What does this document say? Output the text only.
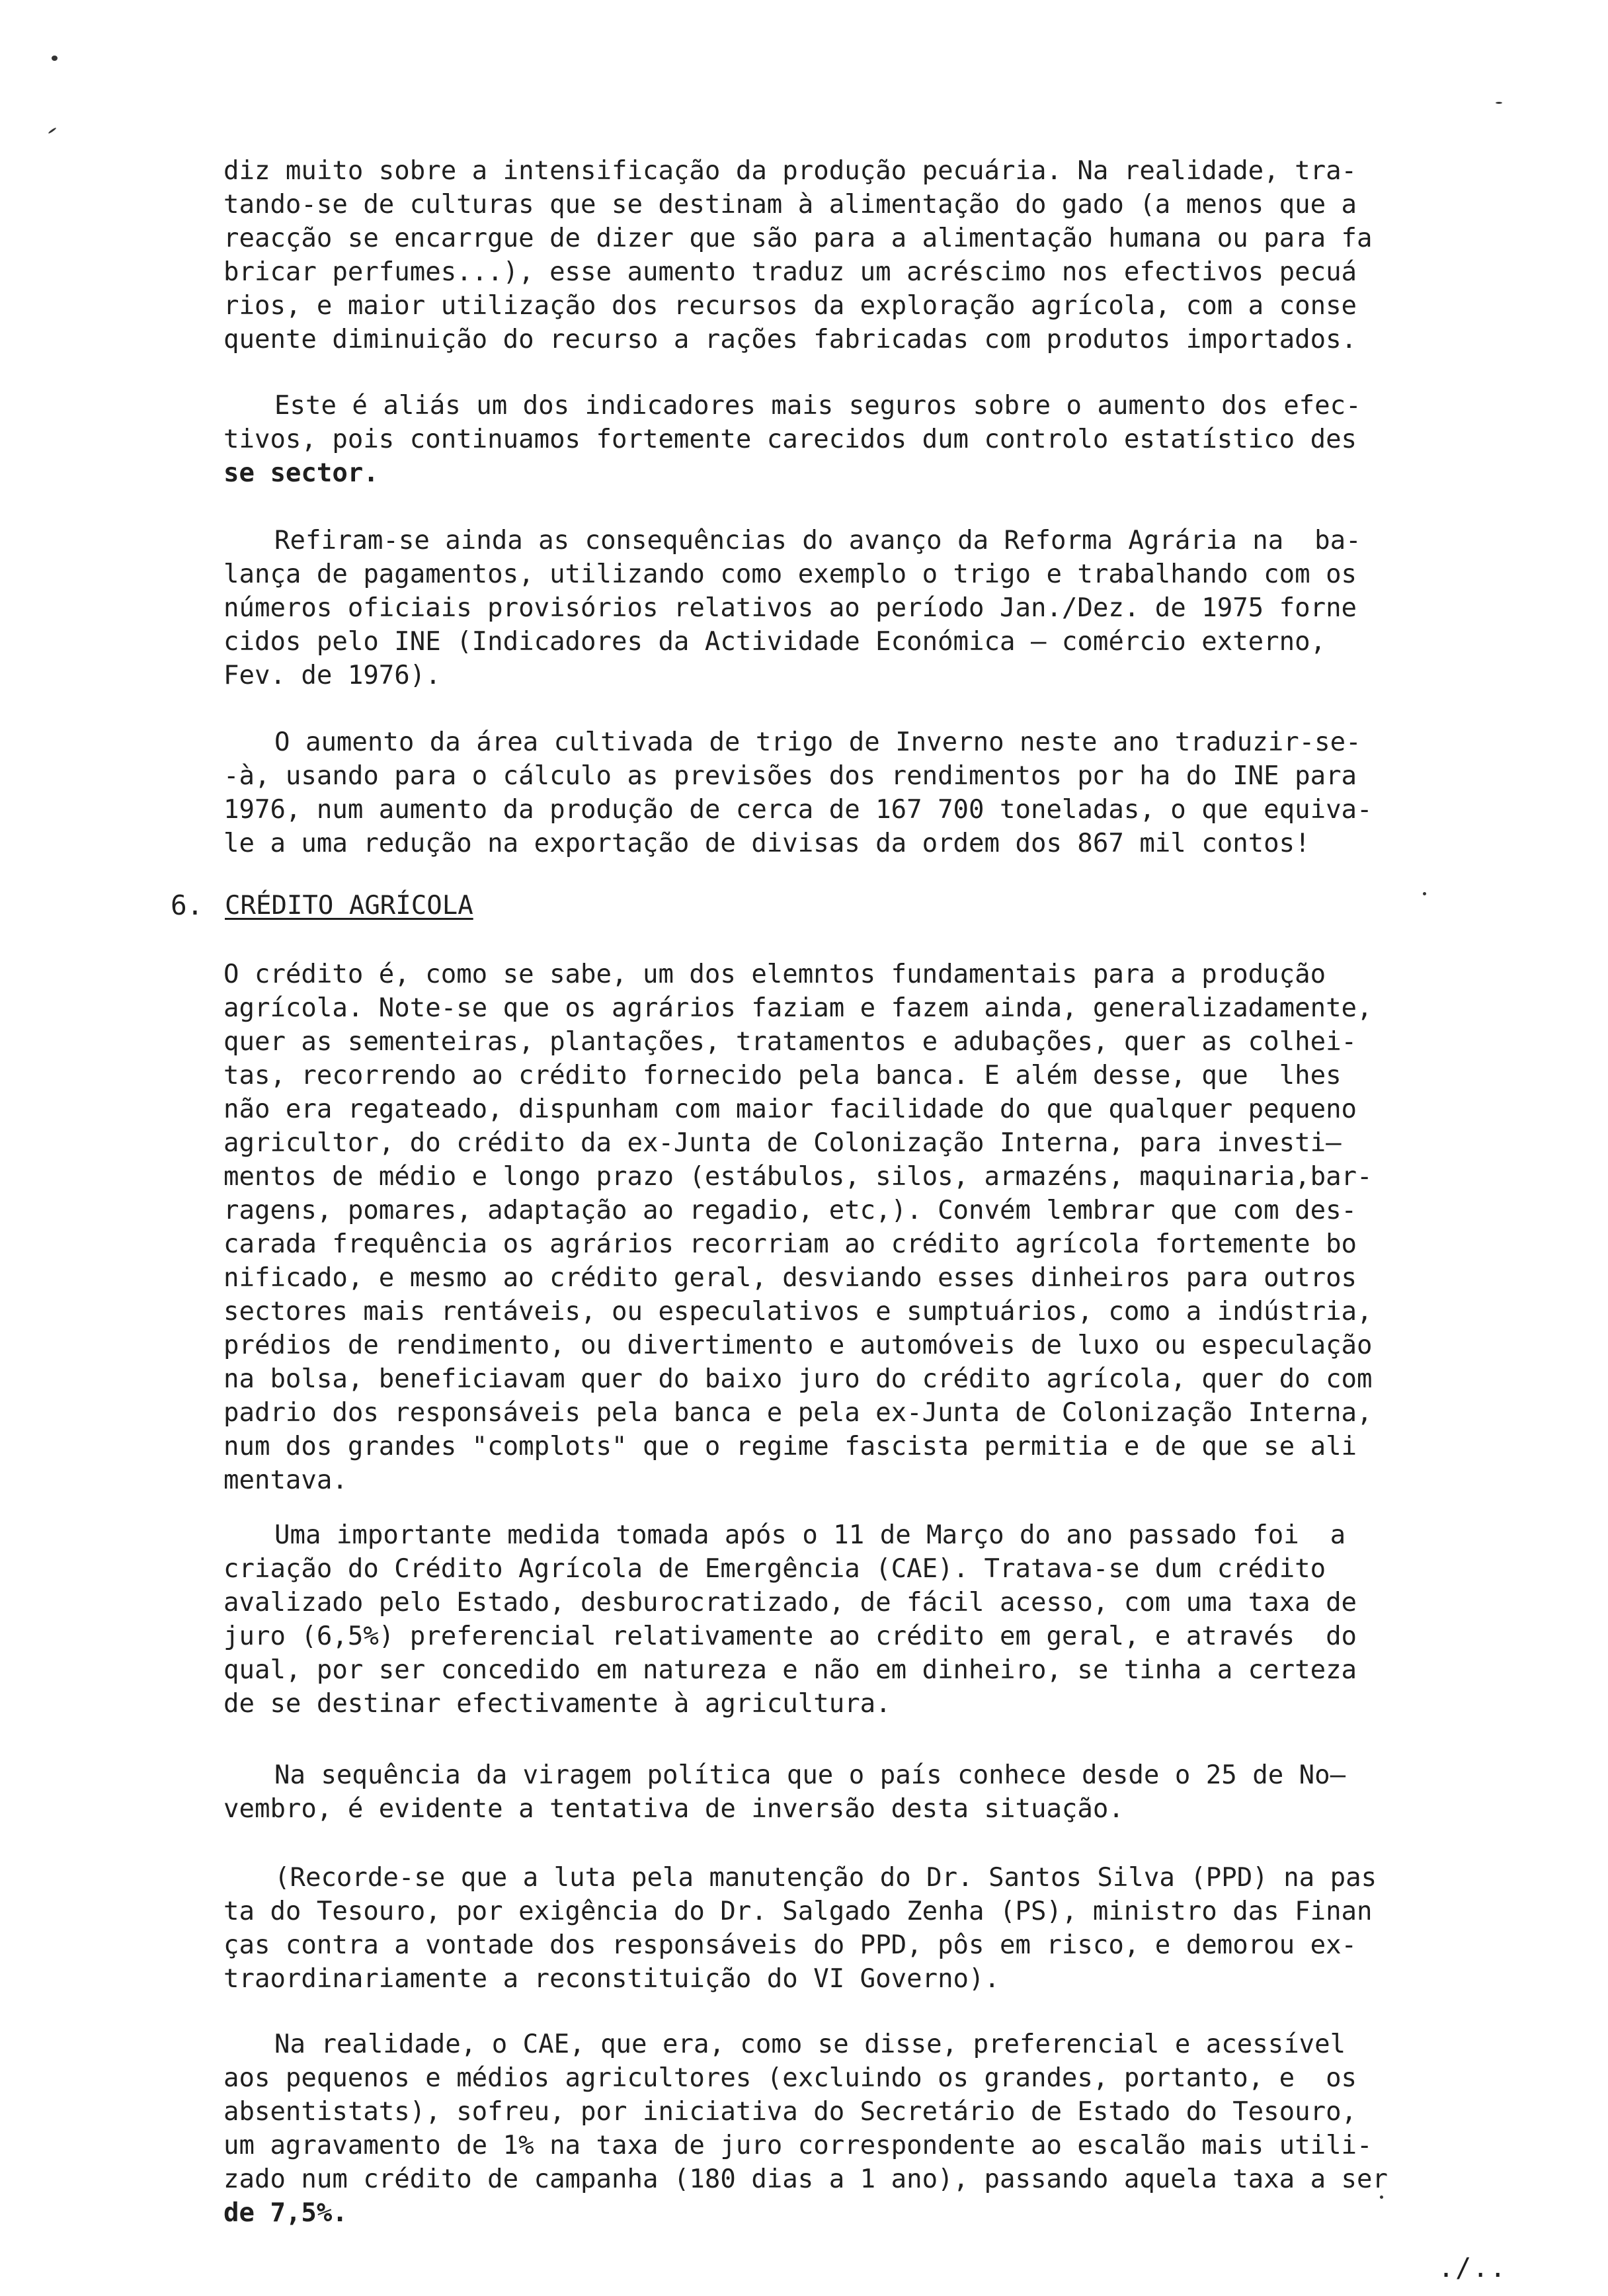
diz muito sobre a intensificação da produção pecuária. Na realidade, tra-
tando-se de culturas que se destinam à alimentação do gado (a menos que a
reacção se encarrgue de dizer que são para a alimentação humana ou para fa
bricar perfumes...), esse aumento traduz um acréscimo nos efectivos pecuá
rios, e maior utilização dos recursos da exploração agrícola, com a conse
quente diminuição do recurso a rações fabricadas com produtos importados.
Este é aliás um dos indicadores mais seguros sobre o aumento dos efec-
tivos, pois continuamos fortemente carecidos dum controlo estatístico des
se sector.
Refiram-se ainda as consequências do avanço da Reforma Agrária na  ba-
lança de pagamentos, utilizando como exemplo o trigo e trabalhando com os
números oficiais provisórios relativos ao período Jan./Dez. de 1975 forne
cidos pelo INE (Indicadores da Actividade Económica — comércio externo,
Fev. de 1976).
O aumento da área cultivada de trigo de Inverno neste ano traduzir-se-
-à, usando para o cálculo as previsões dos rendimentos por ha do INE para
1976, num aumento da produção de cerca de 167 700 toneladas, o que equiva-
le a uma redução na exportação de divisas da ordem dos 867 mil contos!
6. CRÉDITO AGRÍCOLA
O crédito é, como se sabe, um dos elemntos fundamentais para a produção
agrícola. Note-se que os agrários faziam e fazem ainda, generalizadamente,
quer as sementeiras, plantações, tratamentos e adubações, quer as colhei-
tas, recorrendo ao crédito fornecido pela banca. E além desse, que  lhes
não era regateado, dispunham com maior facilidade do que qualquer pequeno
agricultor, do crédito da ex-Junta de Colonização Interna, para investi—
mentos de médio e longo prazo (estábulos, silos, armazéns, maquinaria,bar-
ragens, pomares, adaptação ao regadio, etc,). Convém lembrar que com des-
carada frequência os agrários recorriam ao crédito agrícola fortemente bo
nificado, e mesmo ao crédito geral, desviando esses dinheiros para outros
sectores mais rentáveis, ou especulativos e sumptuários, como a indústria,
prédios de rendimento, ou divertimento e automóveis de luxo ou especulação
na bolsa, beneficiavam quer do baixo juro do crédito agrícola, quer do com
padrio dos responsáveis pela banca e pela ex-Junta de Colonização Interna,
num dos grandes "complots" que o regime fascista permitia e de que se ali
mentava.
Uma importante medida tomada após o 11 de Março do ano passado foi  a
criação do Crédito Agrícola de Emergência (CAE). Tratava-se dum crédito
avalizado pelo Estado, desburocratizado, de fácil acesso, com uma taxa de
juro (6,5%) preferencial relativamente ao crédito em geral, e através  do
qual, por ser concedido em natureza e não em dinheiro, se tinha a certeza
de se destinar efectivamente à agricultura.
Na sequência da viragem política que o país conhece desde o 25 de No—
vembro, é evidente a tentativa de inversão desta situação.
(Recorde-se que a luta pela manutenção do Dr. Santos Silva (PPD) na pas
ta do Tesouro, por exigência do Dr. Salgado Zenha (PS), ministro das Finan
ças contra a vontade dos responsáveis do PPD, pôs em risco, e demorou ex-
traordinariamente a reconstituição do VI Governo).
Na realidade, o CAE, que era, como se disse, preferencial e acessível
aos pequenos e médios agricultores (excluindo os grandes, portanto, e  os
absentistats), sofreu, por iniciativa do Secretário de Estado do Tesouro,
um agravamento de 1% na taxa de juro correspondente ao escalão mais utili-
zado num crédito de campanha (180 dias a 1 ano), passando aquela taxa a ser
de 7,5%.
./..
